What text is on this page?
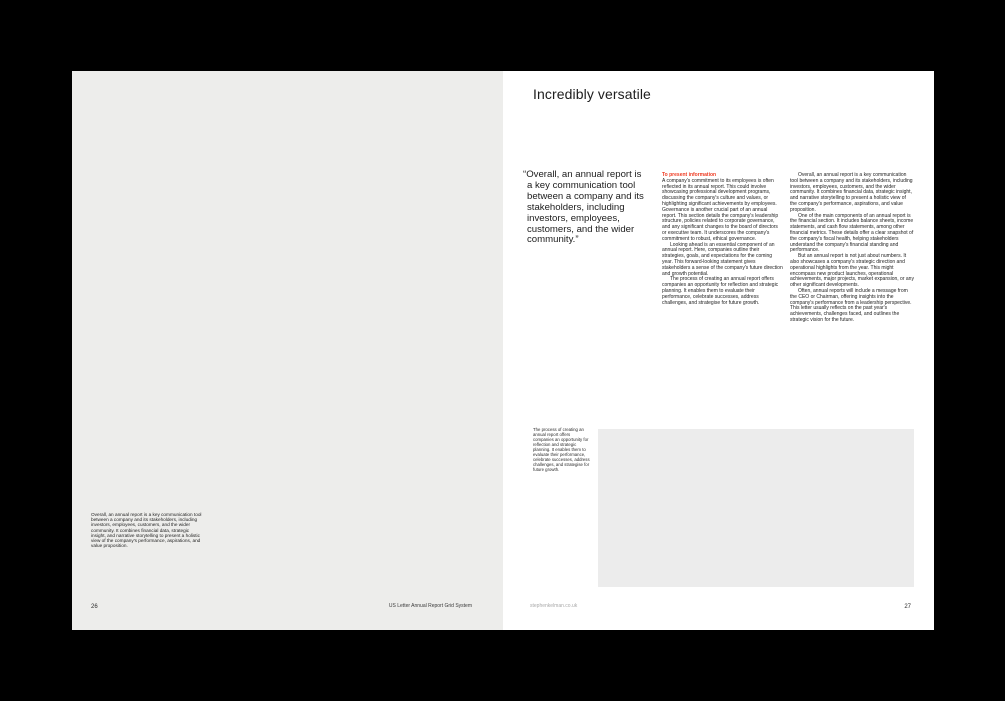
Overall, an annual report is a key communication tool between a company and its stakeholders, including investors, employees, customers, and the wider community. It combines financial data, strategic insight, and narrative storytelling to present a holistic view of the company's performance, aspirations, and value proposition.
26	US Letter Annual Report Grid System
Incredibly versatile
“Overall, an annual report is a key communication tool between a company and its stakeholders, including investors, employees, customers, and the wider community.”

To present information

A company's commitment to its employees is often reflected in its annual report. This could involve showcasing professional development programs, discussing the company's culture and values, or highlighting significant achievements by employees. Governance is another crucial part of an annual report. This section details the company's leadership structure, policies related to corporate governance, and any significant changes to the board of directors or executive team. It underscores the company's commitment to robust, ethical governance.

Looking ahead is an essential component of an annual report. Here, companies outline their strategies, goals, and expectations for the coming year. This forward-looking statement gives stakeholders a sense of the company's future direction and growth potential.

The process of creating an annual report offers companies an opportunity for reflection and strategic planning. It enables them to evaluate their performance, celebrate successes, address challenges, and strategise for future growth.

Overall, an annual report is a key communication tool between a company and its stakeholders, including investors, employees, customers, and the wider community. It combines financial data, strategic insight, and narrative storytelling to present a holistic view of the company's performance, aspirations, and value proposition.

One of the main components of an annual report is the financial section. It includes balance sheets, income statements, and cash flow statements, among other financial metrics. These details offer a clear snapshot of the company's fiscal health, helping stakeholders understand the company's financial standing and performance.

But an annual report is not just about numbers. It also showcases a company's strategic direction and operational highlights from the year. This might encompass new product launches, operational achievements, major projects, market expansion, or any other significant developments.

Often, annual reports will include a message from the CEO or Chairman, offering insights into the company's performance from a leadership perspective. This letter usually reflects on the past year's achievements, challenges faced, and outlines the strategic vision for the future.

The process of creating an annual report offers companies an opportunity for reflection and strategic planning. It enables them to evaluate their performance, celebrate successes, address challenges, and strategise for future growth.
stephenkelman.co.uk	27
